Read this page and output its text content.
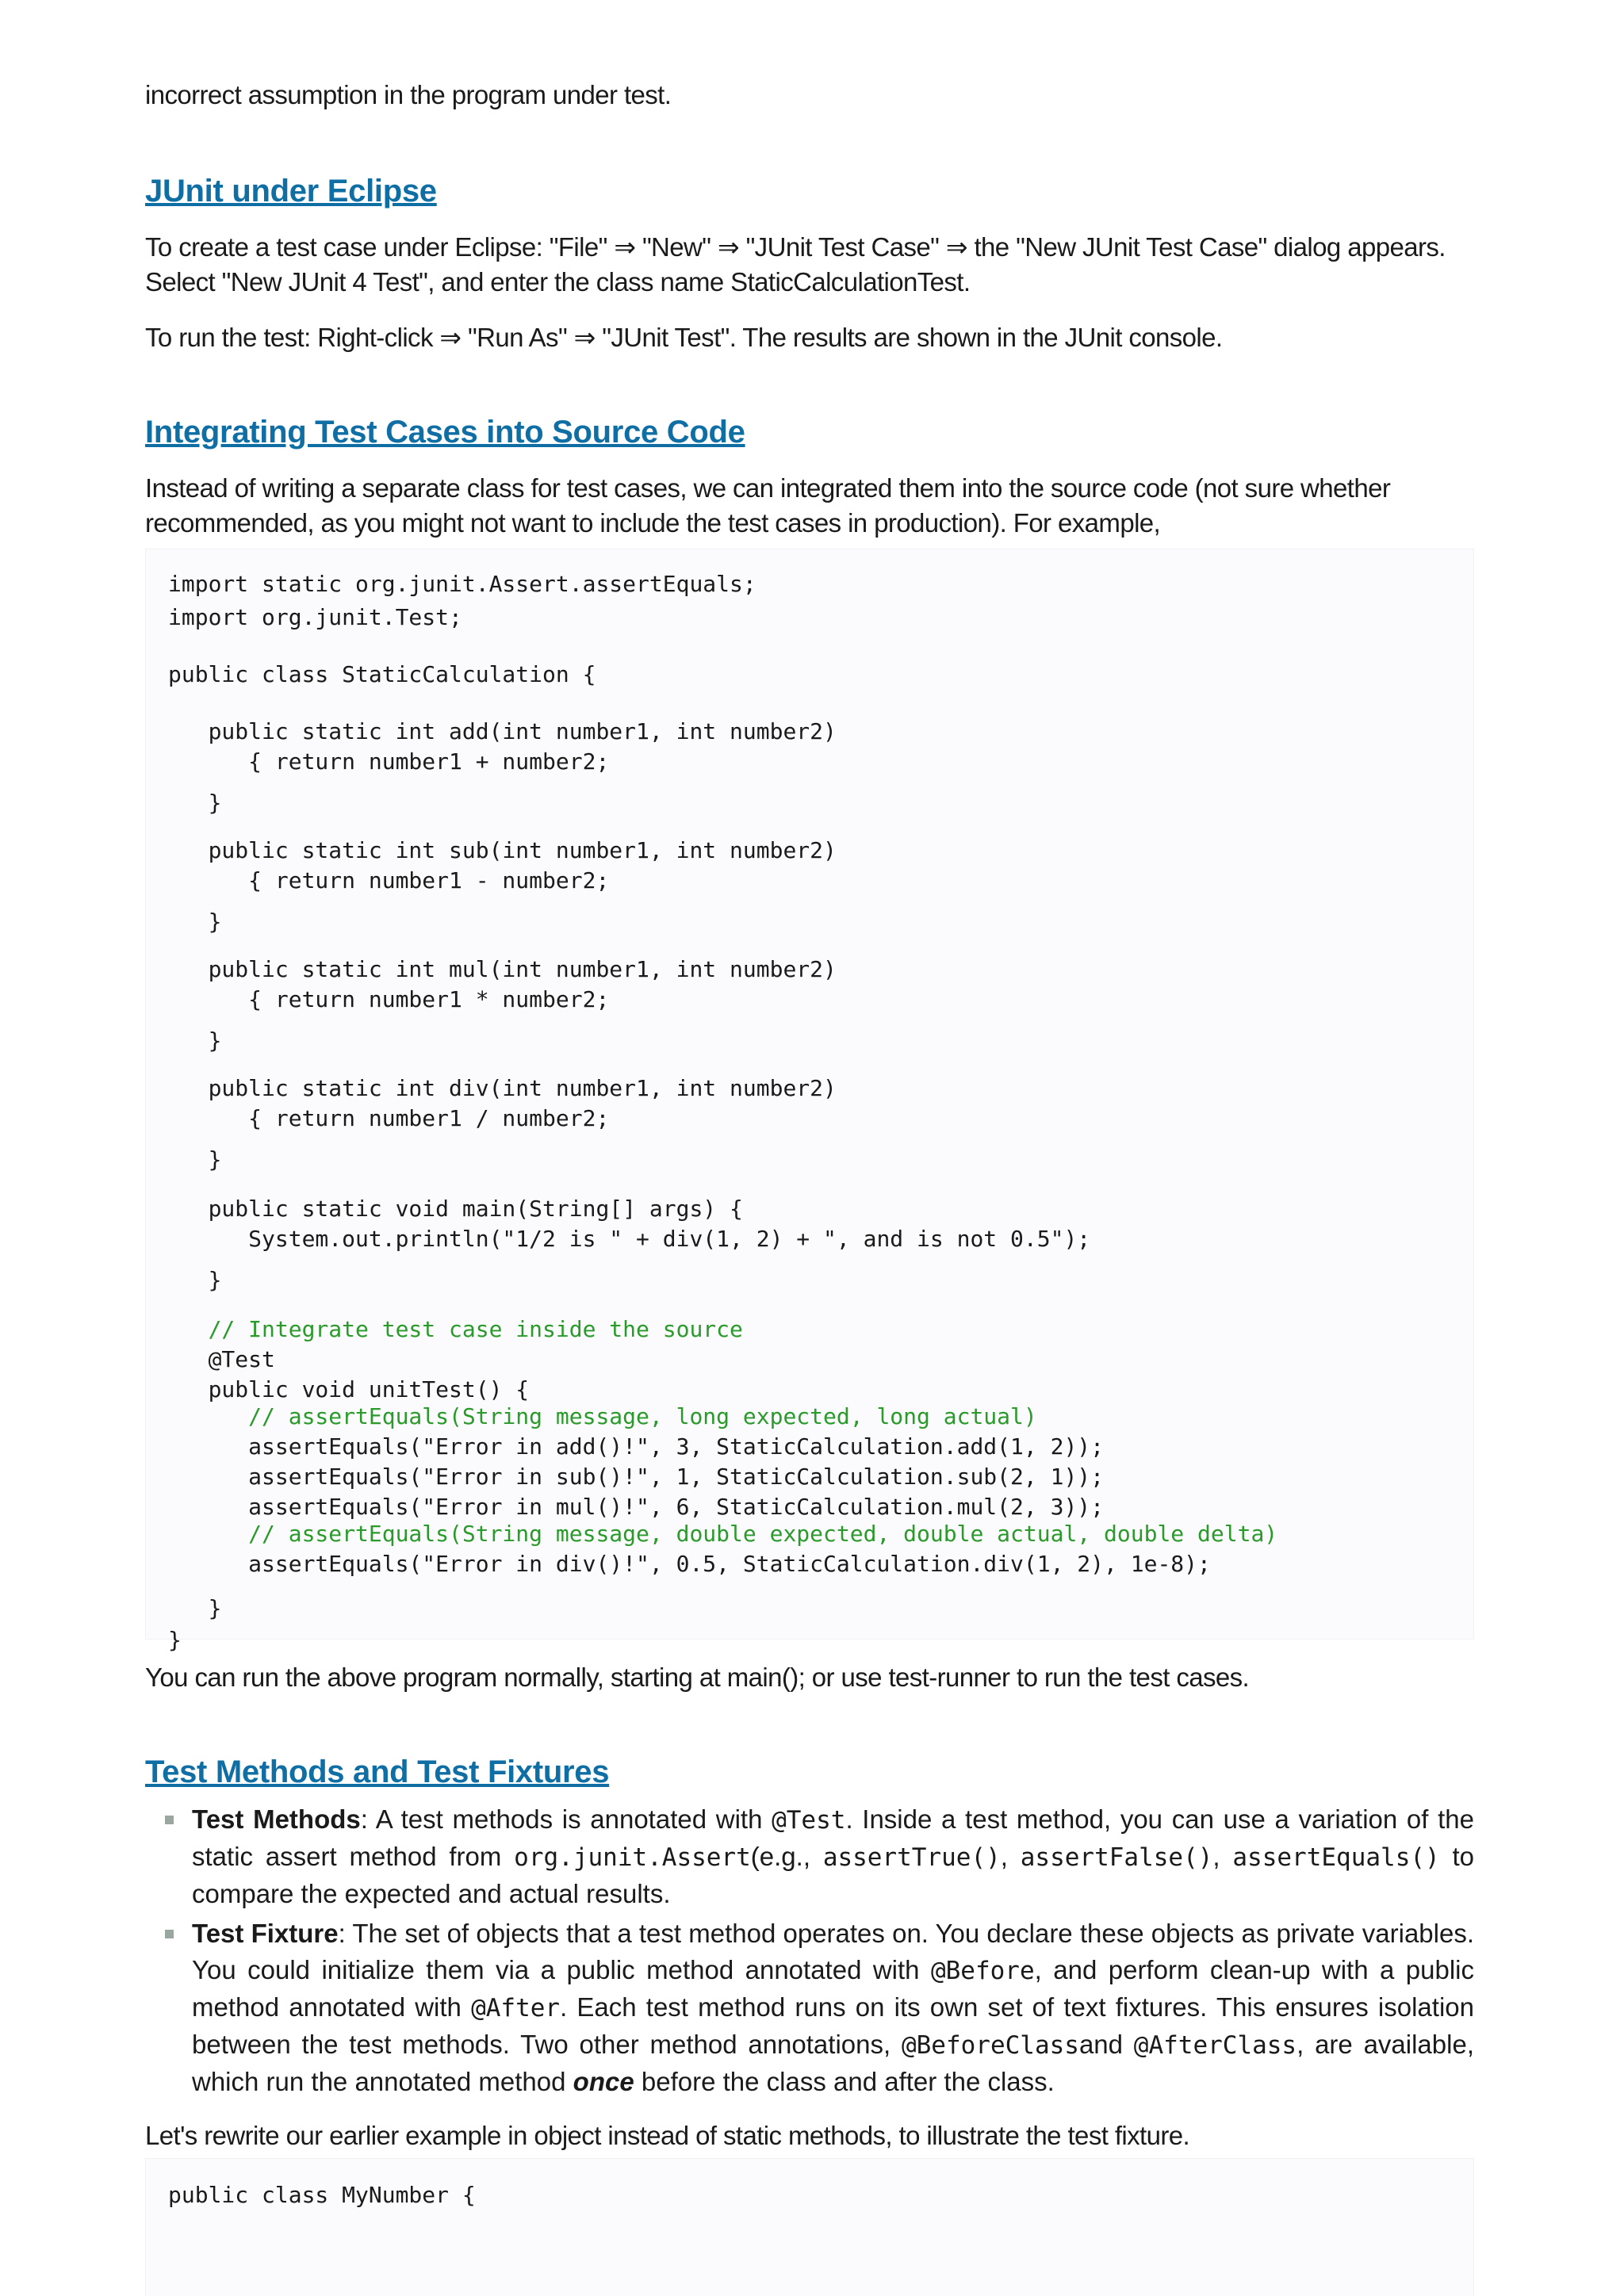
incorrect assumption in the program under test.

JUnit under Eclipse

To create a test case under Eclipse: "File" ⇒ "New" ⇒ "JUnit Test Case" ⇒ the "New JUnit Test Case" dialog appears. Select "New JUnit 4 Test", and enter the class name StaticCalculationTest.

To run the test: Right-click ⇒ "Run As" ⇒ "JUnit Test". The results are shown in the JUnit console.

Integrating Test Cases into Source Code

Instead of writing a separate class for test cases, we can integrated them into the source code (not sure whether recommended, as you might not want to include the test cases in production). For example,

import static org.junit.Assert.assertEquals;
import org.junit.Test;
public class StaticCalculation {
public static int add(int number1, int number2)
{ return number1 + number2;
}
public static int sub(int number1, int number2)
{ return number1 - number2;
}
public static int mul(int number1, int number2)
{ return number1 * number2;
}
public static int div(int number1, int number2)
{ return number1 / number2;
}
public static void main(String[] args) {
System.out.println("1/2 is " + div(1, 2) + ", and is not 0.5");
}
// Integrate test case inside the source
@Test
public void unitTest() {
// assertEquals(String message, long expected, long actual)
assertEquals("Error in add()!", 3, StaticCalculation.add(1, 2));
assertEquals("Error in sub()!", 1, StaticCalculation.sub(2, 1));
assertEquals("Error in mul()!", 6, StaticCalculation.mul(2, 3));
// assertEquals(String message, double expected, double actual, double delta)
assertEquals("Error in div()!", 0.5, StaticCalculation.div(1, 2), 1e-8);
}
}

You can run the above program normally, starting at main(); or use test-runner to run the test cases.

Test Methods and Test Fixtures
Test Methods: A test methods is annotated with @Test. Inside a test method, you can use a variation of the static assert method from org.junit.Assert(e.g., assertTrue(), assertFalse(), assertEquals() to compare the expected and actual results.
Test Fixture: The set of objects that a test method operates on. You declare these objects as private variables. You could initialize them via a public method annotated with @Before, and perform clean-up with a public method annotated with @After. Each test method runs on its own set of text fixtures. This ensures isolation between the test methods. Two other method annotations, @BeforeClassand @AfterClass, are available, which run the annotated method once before the class and after the class.

Let's rewrite our earlier example in object instead of static methods, to illustrate the test fixture.

public class MyNumber {
